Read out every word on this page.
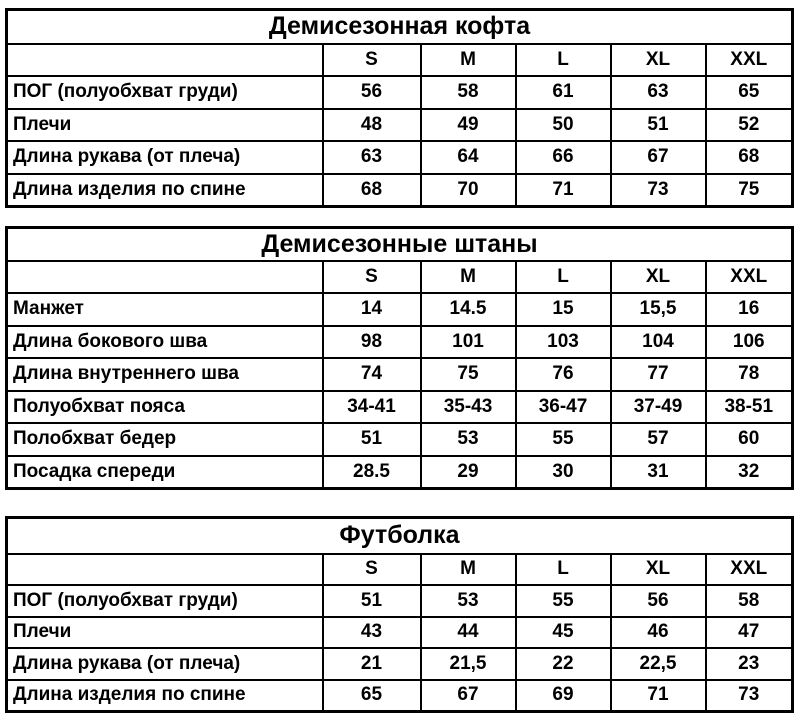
Демисезонная кофта					
	S	M	L	XL	XXL
ПОГ (полуобхват груди)	56	58	61	63	65
Плечи	48	49	50	51	52
Длина рукава (от плеча)	63	64	66	67	68
Длина изделия по спине	68	70	71	73	75
Демисезонные штаны					
	S	M	L	XL	XXL
Манжет	14	14.5	15	15,5	16
Длина бокового шва	98	101	103	104	106
Длина внутреннего шва	74	75	76	77	78
Полуобхват пояса	34-41	35-43	36-47	37-49	38-51
Полобхват бедер	51	53	55	57	60
Посадка спереди	28.5	29	30	31	32
Футболка					
	S	M	L	XL	XXL
ПОГ (полуобхват груди)	51	53	55	56	58
Плечи	43	44	45	46	47
Длина рукава (от плеча)	21	21,5	22	22,5	23
Длина изделия по спине	65	67	69	71	73
